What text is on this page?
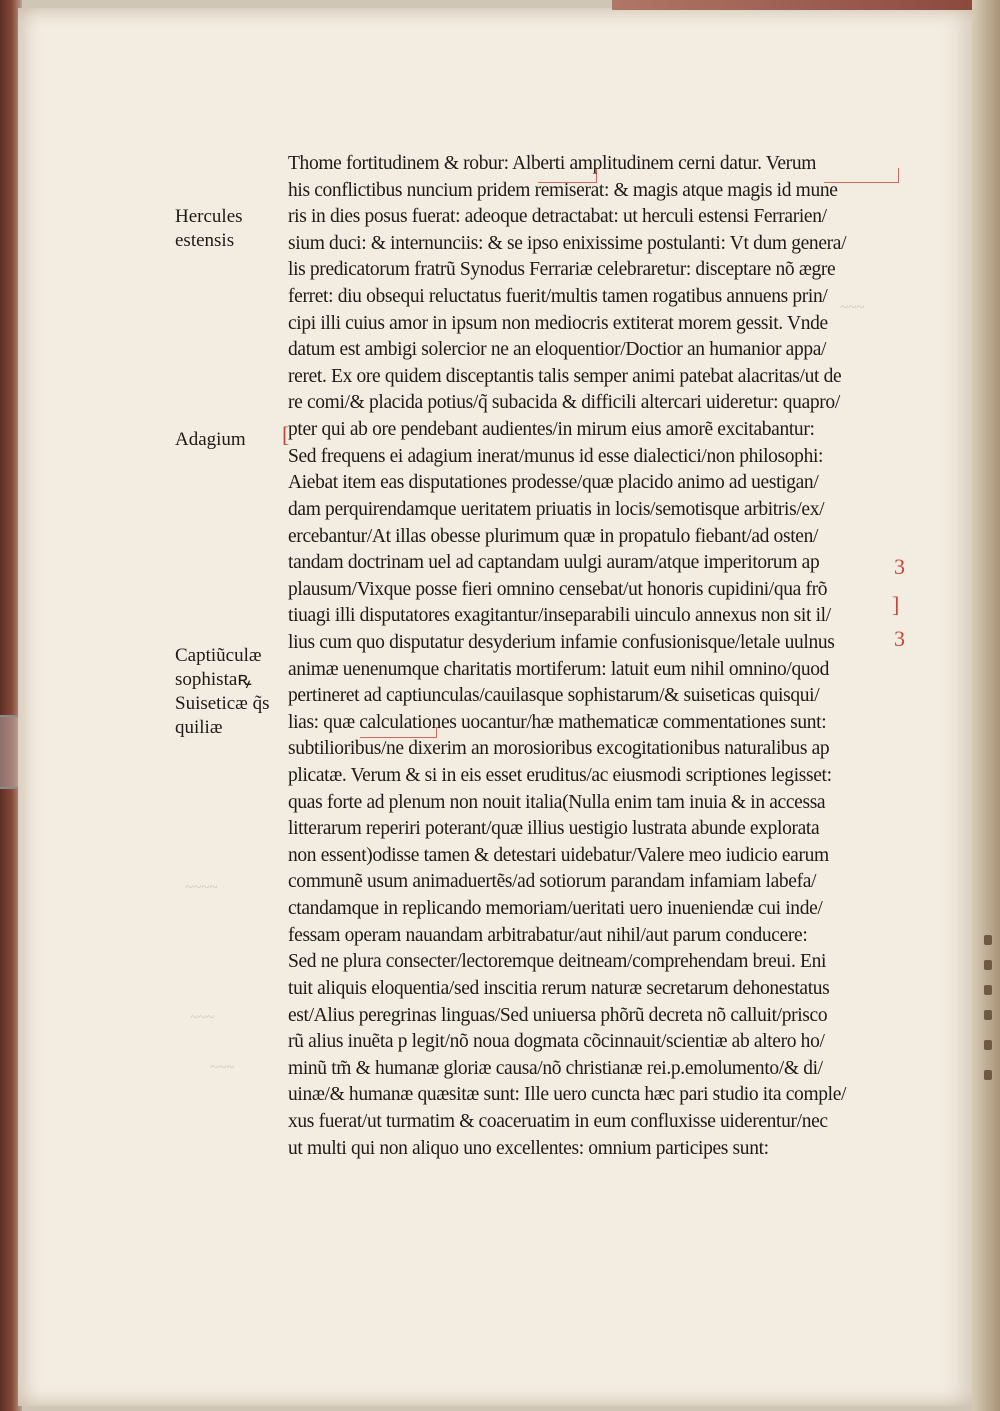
~~~
~~~~
~~~
~~~
Hercules
estensis
Adagium
Captiũculæ
sophistaꝶ
Suiseticæ q̃s
quiliæ
[
3
]
3
Thome fortitudinem & robur: Alberti amplitudinem cerni datur. Verum
his conflictibus nuncium pridem remiserat: & magis atque magis id mune
ris in dies posus fuerat: adeoque detractabat: ut herculi estensi Ferrarien/
sium duci: & internunciis: & se ipso enixissime postulanti: Vt dum genera/
lis predicatorum fratrũ Synodus Ferrariæ celebraretur: disceptare nõ ægre
ferret: diu obsequi reluctatus fuerit/multis tamen rogatibus annuens prin/
cipi illi cuius amor in ipsum non mediocris extiterat morem gessit. Vnde
datum est ambigi solercior ne an eloquentior/Doctior an humanior appa/
reret. Ex ore quidem disceptantis talis semper animi patebat alacritas/ut de
re comi/& placida potius/q̃ subacida & difficili altercari uideretur: quapro/
pter qui ab ore pendebant audientes/in mirum eius amorẽ excitabantur:
Sed frequens ei adagium inerat/munus id esse dialectici/non philosophi:
Aiebat item eas disputationes prodesse/quæ placido animo ad uestigan/
dam perquirendamque ueritatem priuatis in locis/semotisque arbitris/ex/
ercebantur/At illas obesse plurimum quæ in propatulo fiebant/ad osten/
tandam doctrinam uel ad captandam uulgi auram/atque imperitorum ap
plausum/Vixque posse fieri omnino censebat/ut honoris cupidini/qua frõ
tiuagi illi disputatores exagitantur/inseparabili uinculo annexus non sit il/
lius cum quo disputatur desyderium infamie confusionisque/letale uulnus
animæ uenenumque charitatis mortiferum: latuit eum nihil omnino/quod
pertineret ad captiunculas/cauilasque sophistarum/& suiseticas quisqui/
lias: quæ calculationes uocantur/hæ mathematicæ commentationes sunt:
subtilioribus/ne dixerim an morosioribus excogitationibus naturalibus ap
plicatæ. Verum & si in eis esset eruditus/ac eiusmodi scriptiones legisset:
quas forte ad plenum non nouit italia(Nulla enim tam inuia & in accessa
litterarum reperiri poterant/quæ illius uestigio lustrata abunde explorata
non essent)odisse tamen & detestari uidebatur/Valere meo iudicio earum
communẽ usum animaduertẽs/ad sotiorum parandam infamiam labefa/
ctandamque in replicando memoriam/ueritati uero inueniendæ cui inde/
fessam operam nauandam arbitrabatur/aut nihil/aut parum conducere:
Sed ne plura consecter/lectoremque deitneam/comprehendam breui. Eni
tuit aliquis eloquentia/sed inscitia rerum naturæ secretarum dehonestatus
est/Alius peregrinas linguas/Sed uniuersa phõrũ decreta nõ calluit/prisco
rũ alius inuẽta p legit/nõ noua dogmata cõcinnauit/scientiæ ab altero ho/
minũ tm̃ & humanæ gloriæ causa/nõ christianæ rei.p.emolumento/& di/
uinæ/& humanæ quæsitæ sunt: Ille uero cuncta hæc pari studio ita comple/
xus fuerat/ut turmatim & coaceruatim in eum confluxisse uiderentur/nec
ut multi qui non aliquo uno excellentes: omnium participes sunt:
